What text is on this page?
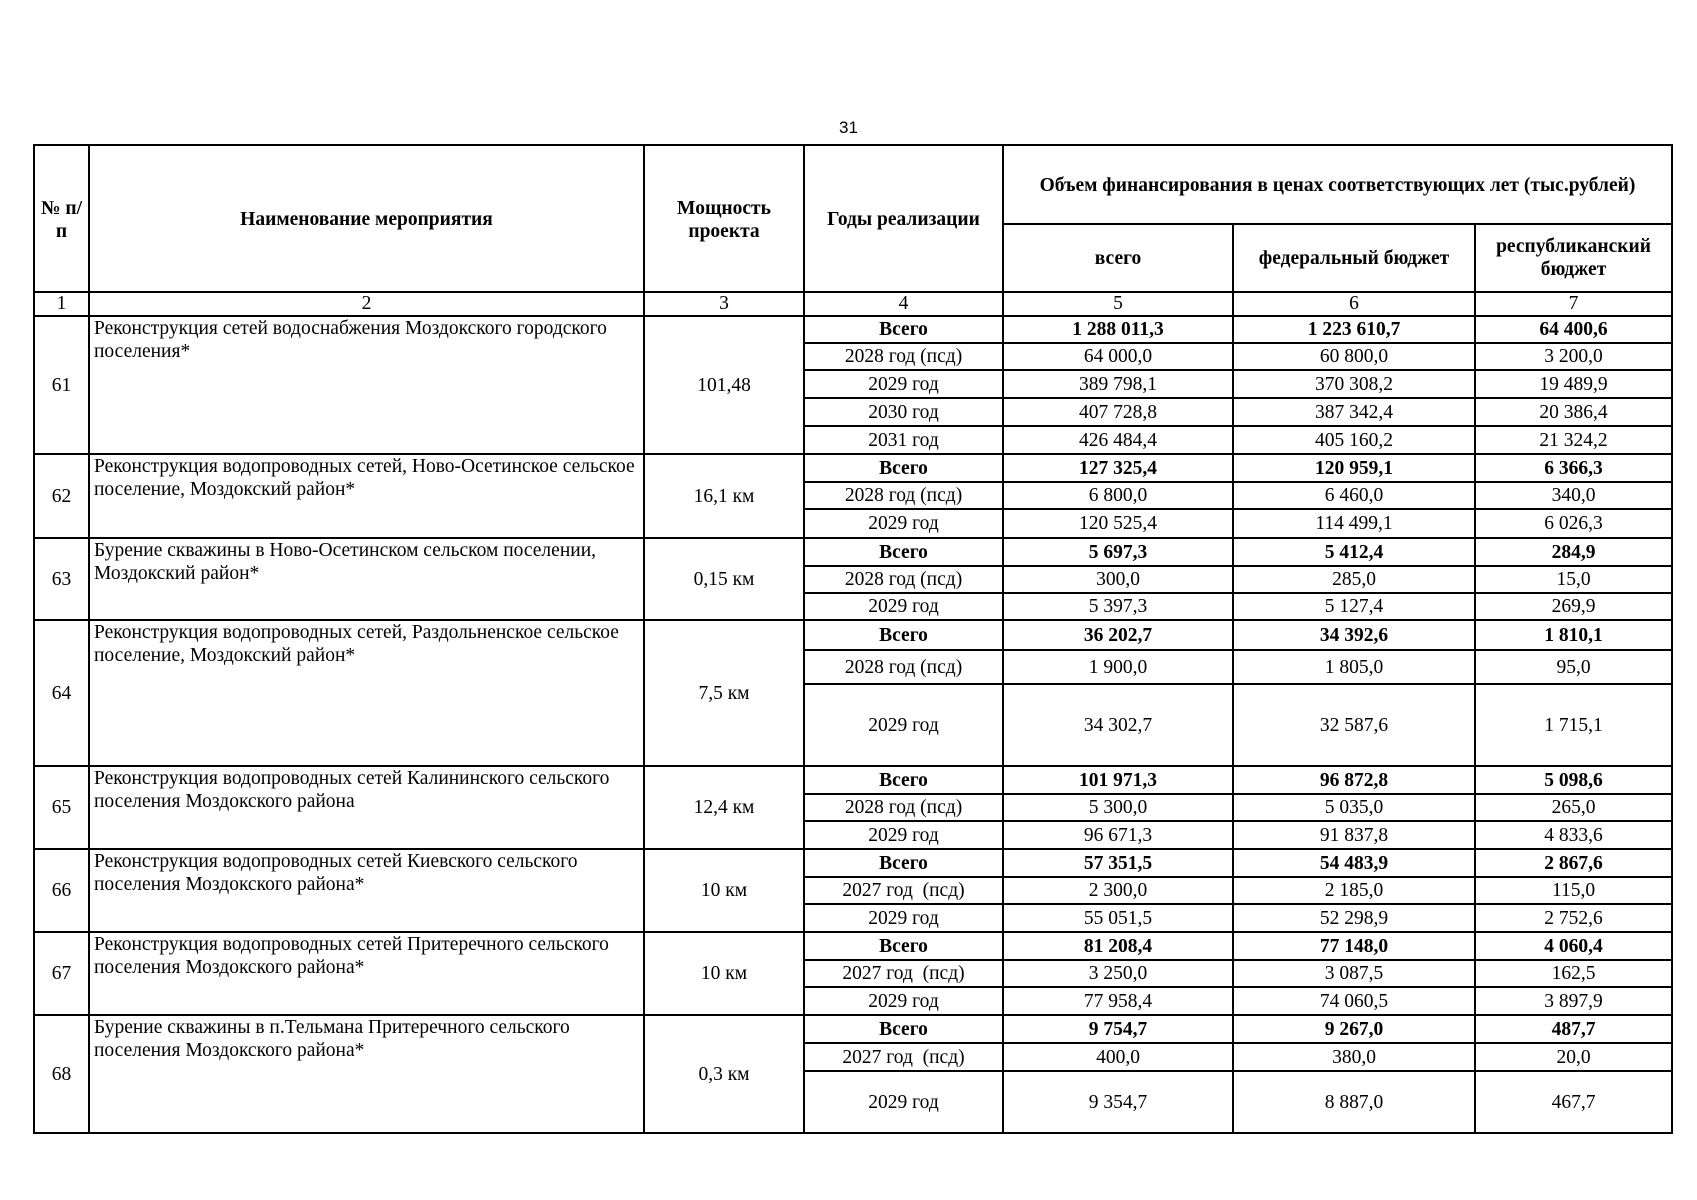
31
№ п/п	Наименование мероприятия	Мощность проекта	Годы реализации	Объем финансирования в ценах соответствующих лет (тыс.рублей)		
				всего	федеральный бюджет	республиканский бюджет
1	2	3	4	5	6	7
61	Реконструкция сетей водоснабжения Моздокского городского поселения*	101,48	Всего	1 288 011,3	1 223 610,7	64 400,6
			2028 год (псд)	64 000,0	60 800,0	3 200,0
			2029 год	389 798,1	370 308,2	19 489,9
			2030 год	407 728,8	387 342,4	20 386,4
			2031 год	426 484,4	405 160,2	21 324,2
62	Реконструкция водопроводных сетей, Ново-Осетинское сельское поселение, Моздокский район*	16,1 км	Всего	127 325,4	120 959,1	6 366,3
			2028 год (псд)	6 800,0	6 460,0	340,0
			2029 год	120 525,4	114 499,1	6 026,3
63	Бурение скважины в Ново-Осетинском сельском поселении, Моздокский район*	0,15 км	Всего	5 697,3	5 412,4	284,9
			2028 год (псд)	300,0	285,0	15,0
			2029 год	5 397,3	5 127,4	269,9
64	Реконструкция водопроводных сетей, Раздольненское сельское поселение, Моздокский район*	7,5 км	Всего	36 202,7	34 392,6	1 810,1
			2028 год (псд)	1 900,0	1 805,0	95,0
			2029 год	34 302,7	32 587,6	1 715,1
65	Реконструкция водопроводных сетей Калининского сельского поселения Моздокского района	12,4 км	Всего	101 971,3	96 872,8	5 098,6
			2028 год (псд)	5 300,0	5 035,0	265,0
			2029 год	96 671,3	91 837,8	4 833,6
66	Реконструкция водопроводных сетей Киевского сельского поселения Моздокского района*	10 км	Всего	57 351,5	54 483,9	2 867,6
			2027 год  (псд)	2 300,0	2 185,0	115,0
			2029 год	55 051,5	52 298,9	2 752,6
67	Реконструкция водопроводных сетей Притеречного сельского поселения Моздокского района*	10 км	Всего	81 208,4	77 148,0	4 060,4
			2027 год  (псд)	3 250,0	3 087,5	162,5
			2029 год	77 958,4	74 060,5	3 897,9
68	Бурение скважины в п.Тельмана Притеречного сельского поселения Моздокского района*	0,3 км	Всего	9 754,7	9 267,0	487,7
			2027 год  (псд)	400,0	380,0	20,0
			2029 год	9 354,7	8 887,0	467,7
